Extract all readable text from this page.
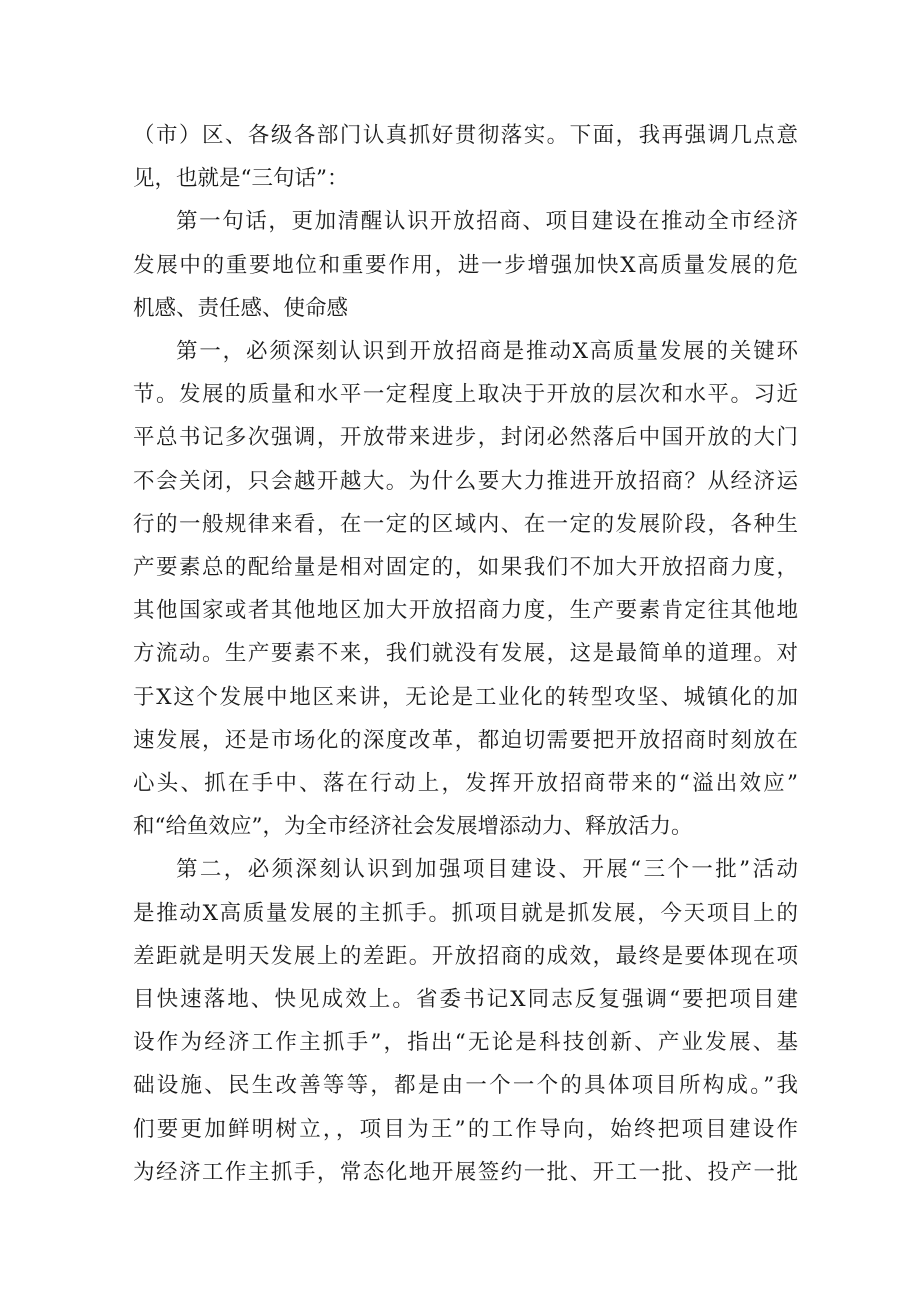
（市）区、各级各部门认真抓好贯彻落实。下面，我再强调几点意
见，也就是“三句话”：
第一句话，更加清醒认识开放招商、项目建设在推动全市经济
发展中的重要地位和重要作用，进一步增强加快X高质量发展的危
机感、责任感、使命感
第一，必须深刻认识到开放招商是推动X高质量发展的关键环
节。发展的质量和水平一定程度上取决于开放的层次和水平。习近
平总书记多次强调，开放带来进步，封闭必然落后中国开放的大门
不会关闭，只会越开越大。为什么要大力推进开放招商？从经济运
行的一般规律来看，在一定的区域内、在一定的发展阶段，各种生
产要素总的配给量是相对固定的，如果我们不加大开放招商力度，
其他国家或者其他地区加大开放招商力度，生产要素肯定往其他地
方流动。生产要素不来，我们就没有发展，这是最简单的道理。对
于X这个发展中地区来讲，无论是工业化的转型攻坚、城镇化的加
速发展，还是市场化的深度改革，都迫切需要把开放招商时刻放在
心头、抓在手中、落在行动上，发挥开放招商带来的“溢出效应”
和“给鱼效应”，为全市经济社会发展增添动力、释放活力。
第二，必须深刻认识到加强项目建设、开展“三个一批”活动
是推动X高质量发展的主抓手。抓项目就是抓发展，今天项目上的
差距就是明天发展上的差距。开放招商的成效，最终是要体现在项
目快速落地、快见成效上。省委书记X同志反复强调“要把项目建
设作为经济工作主抓手”，指出“无论是科技创新、产业发展、基
础设施、民生改善等等，都是由一个一个的具体项目所构成。”我
们要更加鲜明树立，，项目为王”的工作导向，始终把项目建设作
为经济工作主抓手，常态化地开展签约一批、开工一批、投产一批
